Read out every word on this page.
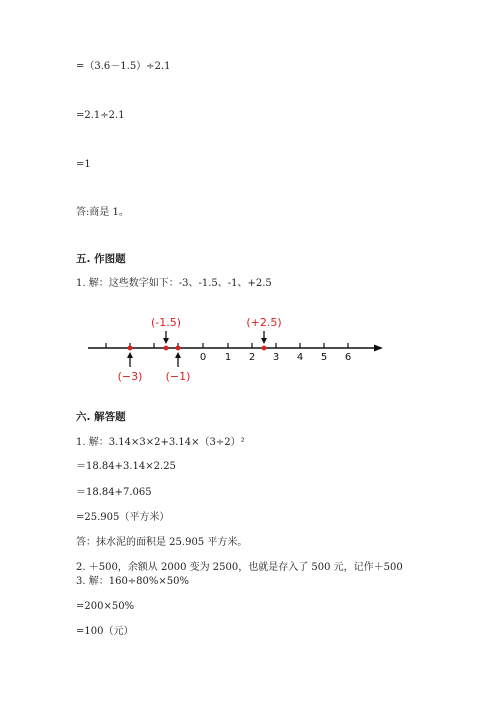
=（3.6－1.5）÷2.1
=2.1÷2.1
=1
答:商是 1。
五. 作图题
1. 解：这些数字如下：-3、-1.5、-1、+2.5
0 1 2 3 4 5 6
(-1.5)	(+2.5)
(−3) (−1)
六. 解答题
1. 解：3.14×3×2+3.14×（3÷2）²
＝18.84+3.14×2.25
＝18.84+7.065
=25.905（平方米）
答：抹水泥的面积是 25.905 平方米。
2. ＋500，余额从 2000 变为 2500，也就是存入了 500 元，记作＋500
3. 解：160÷80%×50%
=200×50%
=100（元）
